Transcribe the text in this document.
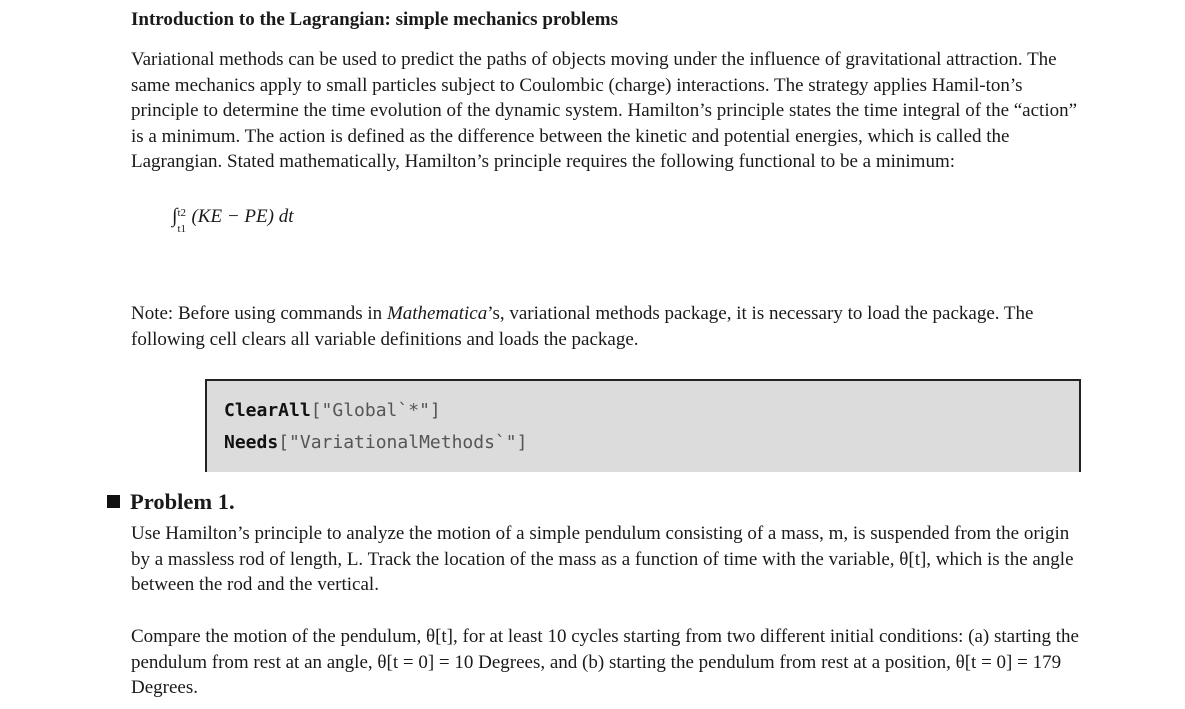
Introduction to the Lagrangian: simple mechanics problems
Variational methods can be used to predict the paths of objects moving under the influence of gravitational attraction. The same mechanics apply to small particles subject to Coulombic (charge) interactions. The strategy applies Hamil-ton’s principle to determine the time evolution of the dynamic system. Hamilton’s principle states the time integral of the “action” is a minimum. The action is defined as the difference between the kinetic and potential energies, which is called the Lagrangian. Stated mathematically, Hamilton’s principle requires the following functional to be a minimum:
∫ t2
t1
(KE − PE) dt
Note: Before using commands in Mathematica’s, variational methods package, it is necessary to load the package. The following cell clears all variable definitions and loads the package.
ClearAll["Global`*"]
Needs["VariationalMethods`"]
Problem 1.
Use Hamilton’s principle to analyze the motion of a simple pendulum consisting of a mass, m, is suspended from the origin by a massless rod of length, L. Track the location of the mass as a function of time with the variable, θ[t], which is the angle between the rod and the vertical.
Compare the motion of the pendulum, θ[t], for at least 10 cycles starting from two different initial conditions: (a) starting the pendulum from rest at an angle, θ[t = 0] = 10 Degrees, and (b) starting the pendulum from rest at a position, θ[t = 0] = 179 Degrees.
